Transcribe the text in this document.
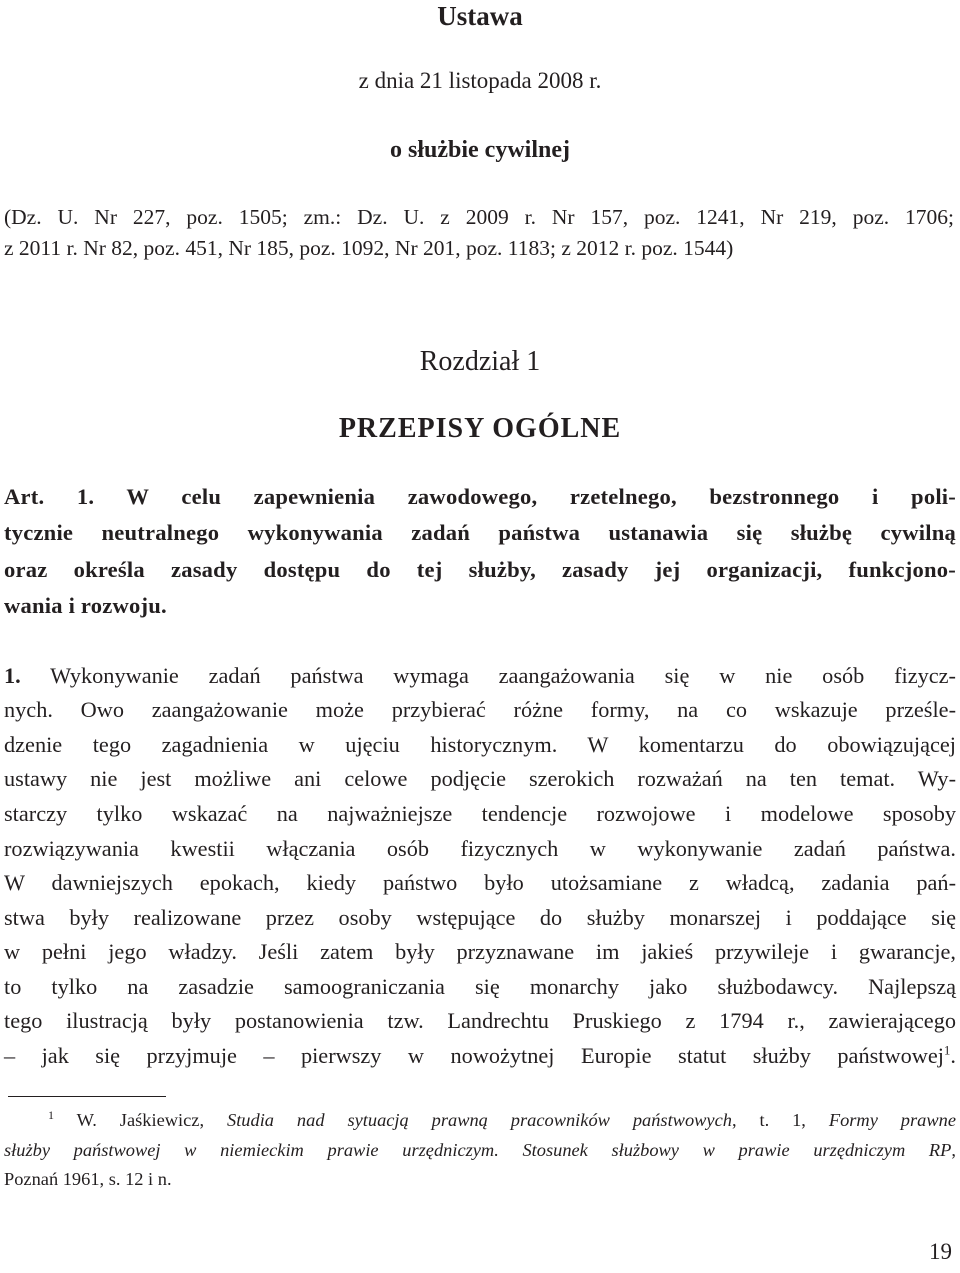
Ustawa
z dnia 21 listopada 2008 r.
o służbie cywilnej
(Dz. U. Nr 227, poz. 1505; zm.: Dz. U. z 2009 r. Nr 157, poz. 1241, Nr 219, poz. 1706;
z 2011 r. Nr 82, poz. 451, Nr 185, poz. 1092, Nr 201, poz. 1183; z 2012 r. poz. 1544)
Rozdział 1
PRZEPISY OGÓLNE
Art. 1. W celu zapewnienia zawodowego, rzetelnego, bezstronnego i poli-
tycznie neutralnego wykonywania zadań państwa ustanawia się służbę cywilną
oraz określa zasady dostępu do tej służby, zasady jej organizacji, funkcjono-
wania i rozwoju.
1. Wykonywanie zadań państwa wymaga zaangażowania się w nie osób fizycz-
nych. Owo zaangażowanie może przybierać różne formy, na co wskazuje prześle-
dzenie tego zagadnienia w ujęciu historycznym. W komentarzu do obowiązującej
ustawy nie jest możliwe ani celowe podjęcie szerokich rozważań na ten temat. Wy-
starczy tylko wskazać na najważniejsze tendencje rozwojowe i modelowe sposoby
rozwiązywania kwestii włączania osób fizycznych w wykonywanie zadań państwa.
W dawniejszych epokach, kiedy państwo było utożsamiane z władcą, zadania pań-
stwa były realizowane przez osoby wstępujące do służby monarszej i poddające się
w pełni jego władzy. Jeśli zatem były przyznawane im jakieś przywileje i gwarancje,
to tylko na zasadzie samoograniczania się monarchy jako służbodawcy. Najlepszą
tego ilustracją były postanowienia tzw. Landrechtu Pruskiego z 1794 r., zawierającego
– jak się przyjmuje – pierwszy w nowożytnej Europie statut służby państwowej$^1$.
$^1$ W. Jaśkiewicz, Studia nad sytuacją prawną pracowników państwowych, t. 1, Formy prawne
służby państwowej w niemieckim prawie urzędniczym. Stosunek służbowy w prawie urzędniczym RP,
Poznań 1961, s. 12 i n.
19
